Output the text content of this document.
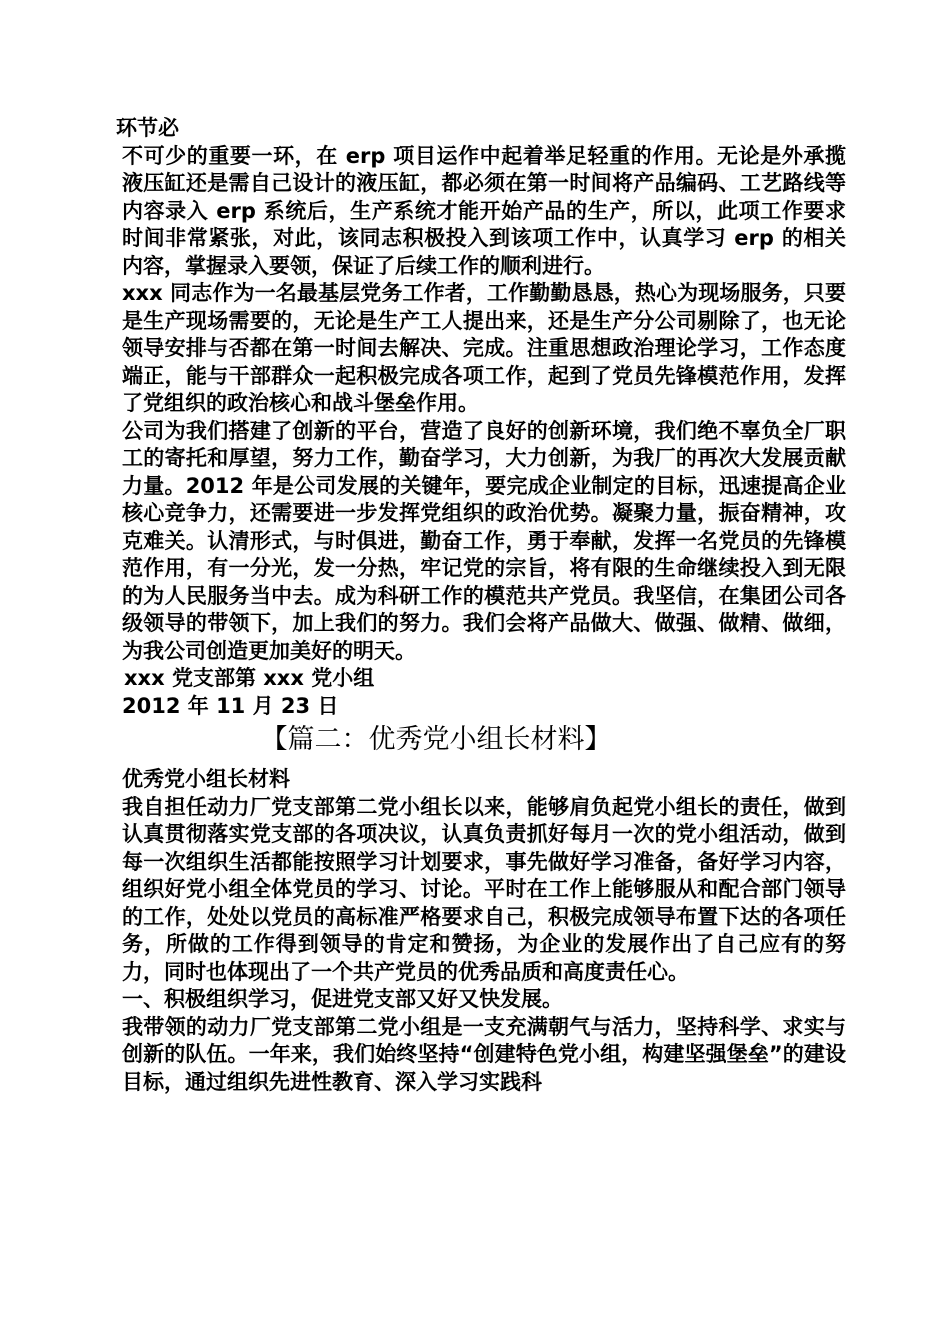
环节必

不可少的重要一环，在 erp 项目运作中起着举足轻重的作用。无论是外承揽液压缸还是需自己设计的液压缸，都必须在第一时间将产品编码、工艺路线等内容录入 erp 系统后，生产系统才能开始产品的生产，所以，此项工作要求时间非常紧张，对此，该同志积极投入到该项工作中，认真学习 erp 的相关内容，掌握录入要领，保证了后续工作的顺利进行。

xxx 同志作为一名最基层党务工作者，工作勤勤恳恳，热心为现场服务，只要是生产现场需要的，无论是生产工人提出来，还是生产分公司剔除了，也无论领导安排与否都在第一时间去解决、完成。注重思想政治理论学习，工作态度端正，能与干部群众一起积极完成各项工作，起到了党员先锋模范作用，发挥了党组织的政治核心和战斗堡垒作用。

公司为我们搭建了创新的平台，营造了良好的创新环境，我们绝不辜负全厂职工的寄托和厚望，努力工作，勤奋学习，大力创新，为我厂的再次大发展贡献力量。2012 年是公司发展的关键年，要完成企业制定的目标，迅速提高企业核心竞争力，还需要进一步发挥党组织的政治优势。凝聚力量，振奋精神，攻克难关。认清形式，与时俱进，勤奋工作，勇于奉献，发挥一名党员的先锋模范作用，有一分光，发一分热，牢记党的宗旨，将有限的生命继续投入到无限的为人民服务当中去。成为科研工作的模范共产党员。我坚信，在集团公司各级领导的带领下，加上我们的努力。我们会将产品做大、做强、做精、做细，为我公司创造更加美好的明天。

xxx 党支部第 xxx 党小组

2012 年 11 月 23 日

【篇二：优秀党小组长材料】

优秀党小组长材料

我自担任动力厂党支部第二党小组长以来，能够肩负起党小组长的责任，做到认真贯彻落实党支部的各项决议，认真负责抓好每月一次的党小组活动，做到每一次组织生活都能按照学习计划要求，事先做好学习准备，备好学习内容，组织好党小组全体党员的学习、讨论。平时在工作上能够服从和配合部门领导的工作，处处以党员的高标准严格要求自己，积极完成领导布置下达的各项任务，所做的工作得到领导的肯定和赞扬，为企业的发展作出了自己应有的努力，同时也体现出了一个共产党员的优秀品质和高度责任心。

一、积极组织学习，促进党支部又好又快发展。

我带领的动力厂党支部第二党小组是一支充满朝气与活力，坚持科学、求实与创新的队伍。一年来，我们始终坚持“创建特色党小组，构建坚强堡垒”的建设目标，通过组织先进性教育、深入学习实践科
